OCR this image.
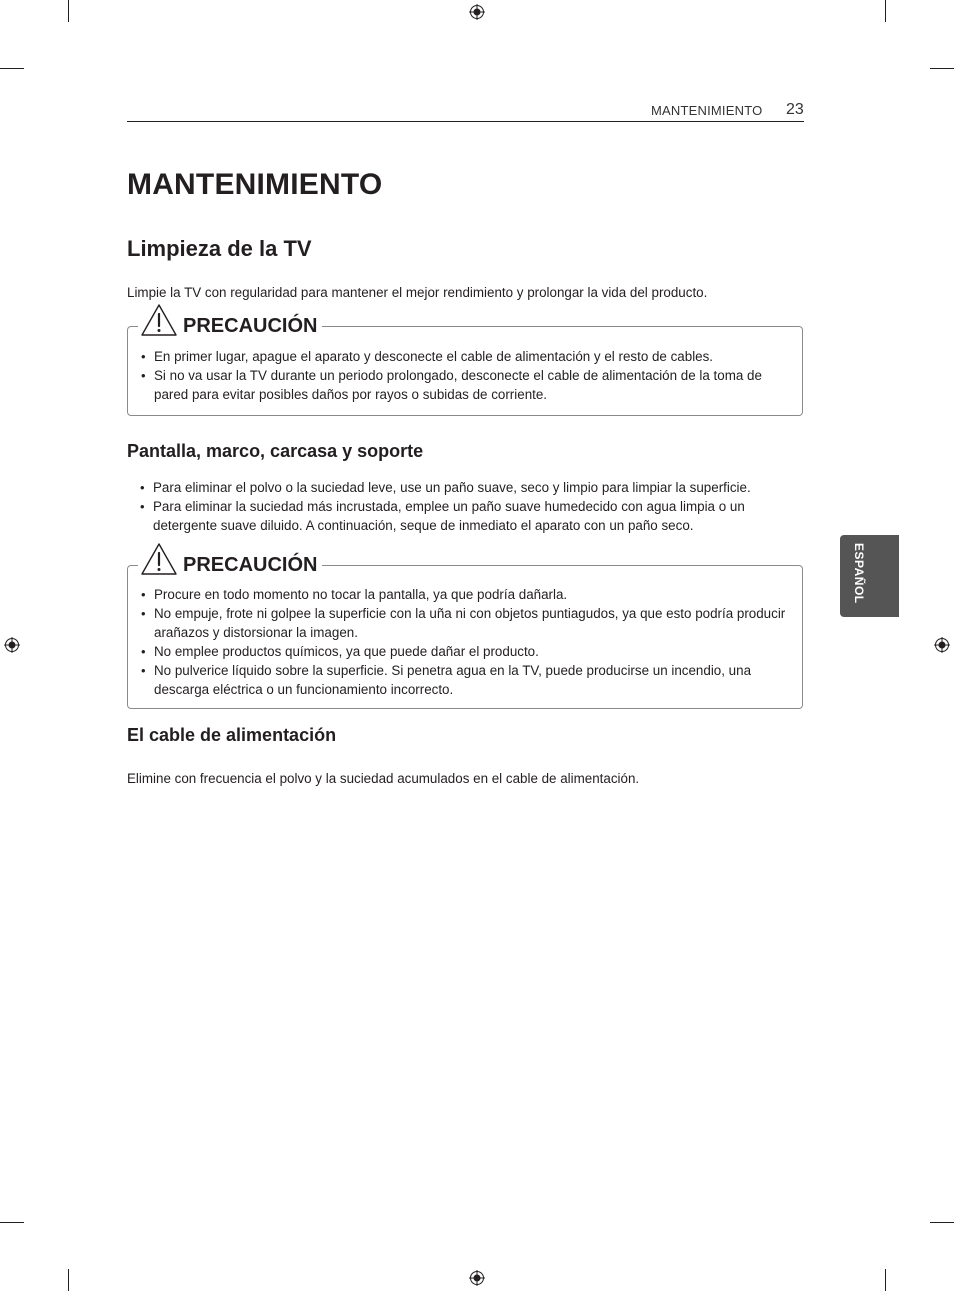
MANTENIMIENTO 23
MANTENIMIENTO
Limpieza de la TV

Limpie la TV con regularidad para mantener el mejor rendimiento y prolongar la vida del producto.

PRECAUCIÓN
• En primer lugar, apague el aparato y desconecte el cable de alimentación y el resto de cables.
• Si no va usar la TV durante un periodo prolongado, desconecte el cable de alimentación de la toma de pared para evitar posibles daños por rayos o subidas de corriente.
Pantalla, marco, carcasa y soporte
• Para eliminar el polvo o la suciedad leve, use un paño suave, seco y limpio para limpiar la superficie.
• Para eliminar la suciedad más incrustada, emplee un paño suave humedecido con agua limpia o un detergente suave diluido. A continuación, seque de inmediato el aparato con un paño seco.
PRECAUCIÓN
• Procure en todo momento no tocar la pantalla, ya que podría dañarla.
• No empuje, frote ni golpee la superficie con la uña ni con objetos puntiagudos, ya que esto podría producir arañazos y distorsionar la imagen.
• No emplee productos químicos, ya que puede dañar el producto.
• No pulverice líquido sobre la superficie. Si penetra agua en la TV, puede producirse un incendio, una descarga eléctrica o un funcionamiento incorrecto.
El cable de alimentación

Elimine con frecuencia el polvo y la suciedad acumulados en el cable de alimentación.

ESPAÑOL
